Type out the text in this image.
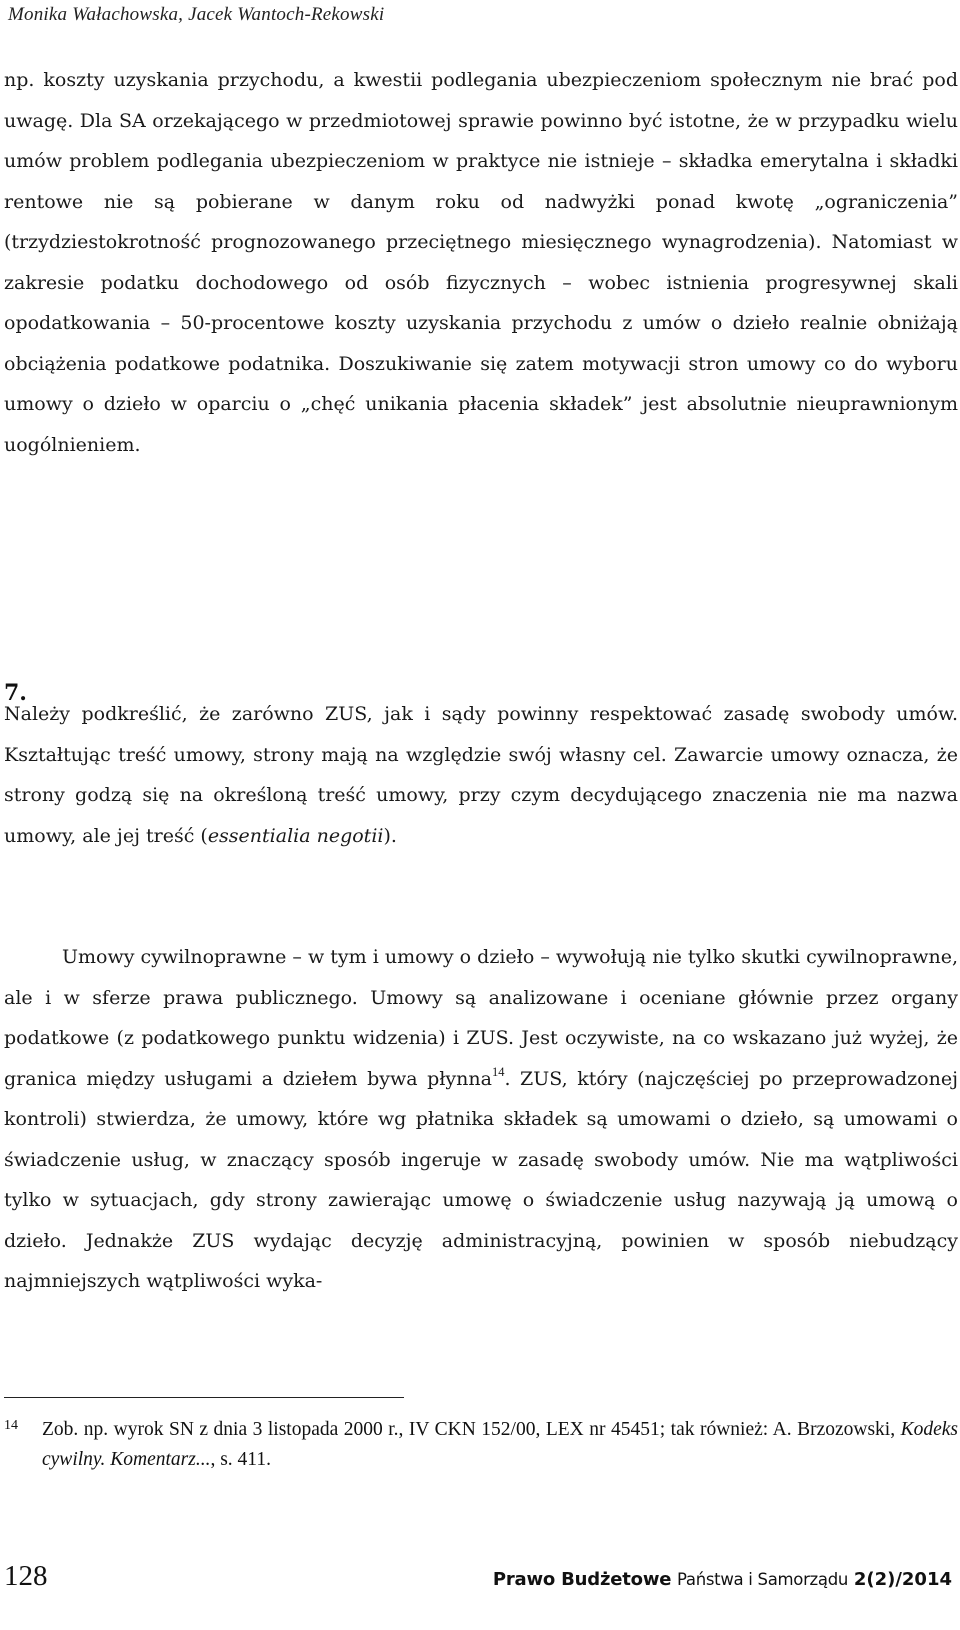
Monika Wałachowska, Jacek Wantoch-Rekowski

np. koszty uzyskania przychodu, a kwestii podlegania ubezpieczeniom społecznym nie brać pod uwagę. Dla SA orzekającego w przedmiotowej sprawie powinno być istotne, że w przypadku wielu umów problem podlegania ubezpieczeniom w praktyce nie istnieje – składka emerytalna i składki rentowe nie są pobierane w danym roku od nadwyżki ponad kwotę „ograniczenia” (trzydziestokrotność prognozowanego przeciętnego miesięcznego wynagrodzenia). Natomiast w zakresie podatku dochodowego od osób fizycznych – wobec istnienia progresywnej skali opodatkowania – 50-procentowe koszty uzyskania przychodu z umów o dzieło realnie obniżają obciążenia podatkowe podatnika. Doszukiwanie się zatem motywacji stron umowy co do wyboru umowy o dzieło w oparciu o „chęć unikania płacenia składek” jest absolutnie nieuprawnionym uogólnieniem.

7.

Należy podkreślić, że zarówno ZUS, jak i sądy powinny respektować zasadę swobody umów. Kształtując treść umowy, strony mają na względzie swój własny cel. Zawarcie umowy oznacza, że strony godzą się na określoną treść umowy, przy czym decydującego znaczenia nie ma nazwa umowy, ale jej treść (essentialia negotii).

Umowy cywilnoprawne – w tym i umowy o dzieło – wywołują nie tylko skutki cywilnoprawne, ale i w sferze prawa publicznego. Umowy są analizowane i oceniane głównie przez organy podatkowe (z podatkowego punktu widzenia) i ZUS. Jest oczywiste, na co wskazano już wyżej, że granica między usługami a dziełem bywa płynna$^{14}$. ZUS, który (najczęściej po przeprowadzonej kontroli) stwierdza, że umowy, które wg płatnika składek są umowami o dzieło, są umowami o świadczenie usług, w znaczący sposób ingeruje w zasadę swobody umów. Nie ma wątpliwości tylko w sytuacjach, gdy strony zawierając umowę o świadczenie usług nazywają ją umową o dzieło. Jednakże ZUS wydając decyzję administracyjną, powinien w sposób niebudzący najmniejszych wątpliwości wyka-

14	Zob. np. wyrok SN z dnia 3 listopada 2000 r., IV CKN 152/00, LEX nr 45451; tak również: A. Brzozowski, Kodeks cywilny. Komentarz..., s. 411.
128	Prawo Budżetowe Państwa i Samorządu 2(2)/2014
